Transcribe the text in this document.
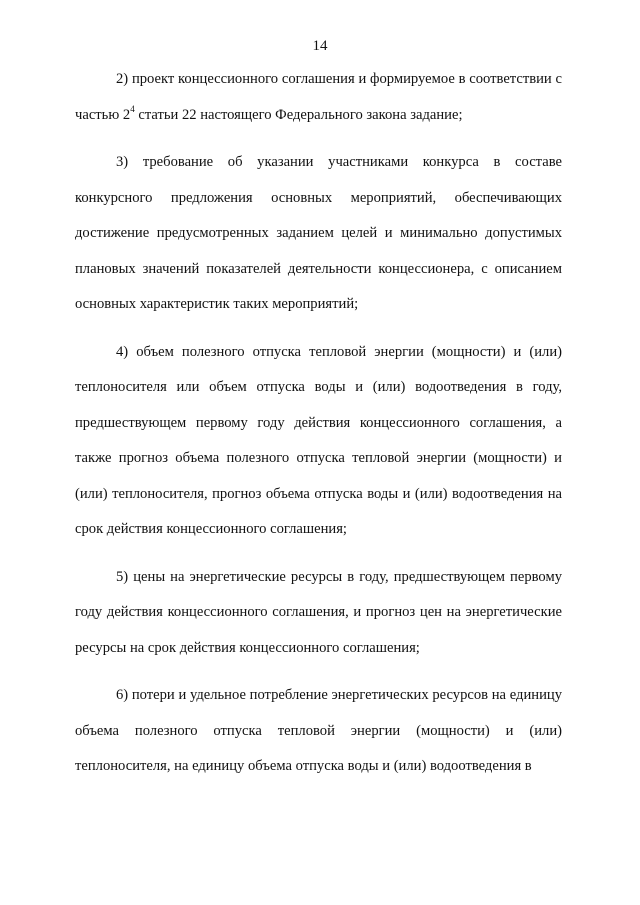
14

2) проект концессионного соглашения и формируемое в соответствии с частью $2^4$ статьи 22 настоящего Федерального закона задание;

3) требование об указании участниками конкурса в составе конкурсного предложения основных мероприятий, обеспечивающих достижение предусмотренных заданием целей и минимально допустимых плановых значений показателей деятельности концессионера, с описанием основных характеристик таких мероприятий;

4) объем полезного отпуска тепловой энергии (мощности) и (или) теплоносителя или объем отпуска воды и (или) водоотведения в году, предшествующем первому году действия концессионного соглашения, а также прогноз объема полезного отпуска тепловой энергии (мощности) и (или) теплоносителя, прогноз объема отпуска воды и (или) водоотведения на срок действия концессионного соглашения;

5) цены на энергетические ресурсы в году, предшествующем первому году действия концессионного соглашения, и прогноз цен на энергетические ресурсы на срок действия концессионного соглашения;

6) потери и удельное потребление энергетических ресурсов на единицу объема полезного отпуска тепловой энергии (мощности) и (или) теплоносителя, на единицу объема отпуска воды и (или) водоотведения в
